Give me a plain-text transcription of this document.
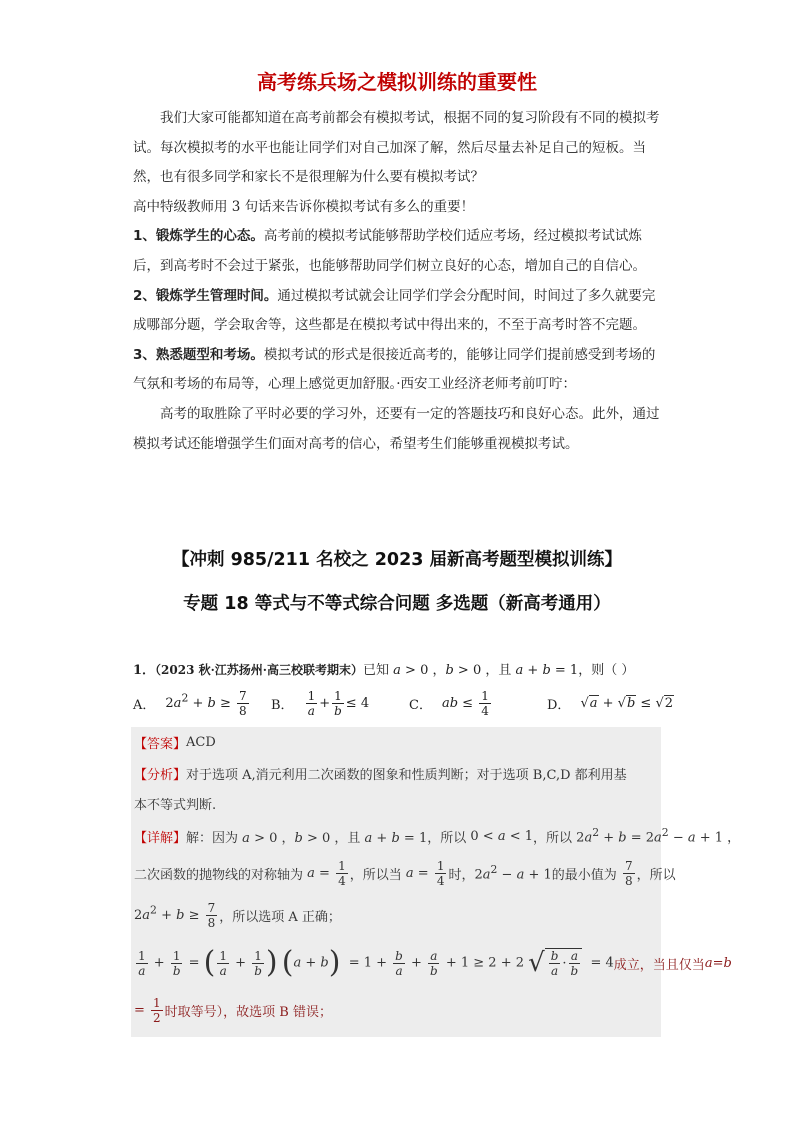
高考练兵场之模拟训练的重要性

我们大家可能都知道在高考前都会有模拟考试，根据不同的复习阶段有不同的模拟考试。每次模拟考的水平也能让同学们对自己加深了解，然后尽量去补足自己的短板。当然，也有很多同学和家长不是很理解为什么要有模拟考试？

高中特级教师用 3 句话来告诉你模拟考试有多么的重要！

1、锻炼学生的心态。高考前的模拟考试能够帮助学校们适应考场，经过模拟考试试炼后，到高考时不会过于紧张，也能够帮助同学们树立良好的心态，增加自己的自信心。

2、锻炼学生管理时间。通过模拟考试就会让同学们学会分配时间，时间过了多久就要完成哪部分题，学会取舍等，这些都是在模拟考试中得出来的，不至于高考时答不完题。

3、熟悉题型和考场。模拟考试的形式是很接近高考的，能够让同学们提前感受到考场的气氛和考场的布局等，心理上感觉更加舒服。·西安工业经济老师考前叮咛：

高考的取胜除了平时必要的学习外，还要有一定的答题技巧和良好心态。此外，通过模拟考试还能增强学生们面对高考的信心，希望考生们能够重视模拟考试。

【冲刺 985/211 名校之 2023 届新高考题型模拟训练】
专题 18 等式与不等式综合问题 多选题（新高考通用）
1．（2023 秋·江苏扬州·高三校联考期末）已知 a > 0 ，b > 0 ，且 a + b = 1，则（ ）
A． $2a^2 + b \ge \frac{7}{8}$ B． $\frac{1}{a} + \frac{1}{b} \le 4$	C． ab ≤ $\frac{1}{4}$	D． √a + √b ≤ √2
【答案】 ACD
【分析】 对于选项 A,消元利用二次函数的图象和性质判断；对于选项 B,C,D 都利用基
本不等式判断.
【详解】 解：因为 a > 0 ，b > 0 ，且 a + b = 1 ，所以 0 < a < 1 ，所以 $2a^2 + b = 2a^2 - a + 1$ ，
二次函数的抛物线的对称轴为 $a = \frac{1}{4}$ ，所以当 $a = \frac{1}{4}$ 时， $2a^2 - a + 1$ 的最小值为
$\frac{7}{8}$ ，所以
$2a^2 + b \ge \frac{7}{8}$ ，所以选项 A 正确；
$\frac{1}{a} + \frac{1}{b}$ = ( $\frac{1}{a} + \frac{1}{b}$ ) $(a + b) = 1 + \frac{b}{a} + \frac{a}{b} + 1 \ge 2 + 2$ √ $\frac{b}{a} \cdot \frac{a}{b} = 4$ 成立，当且仅当 a=b
= $\frac{1}{2}$ 时取等号），故选项 B 错误；
